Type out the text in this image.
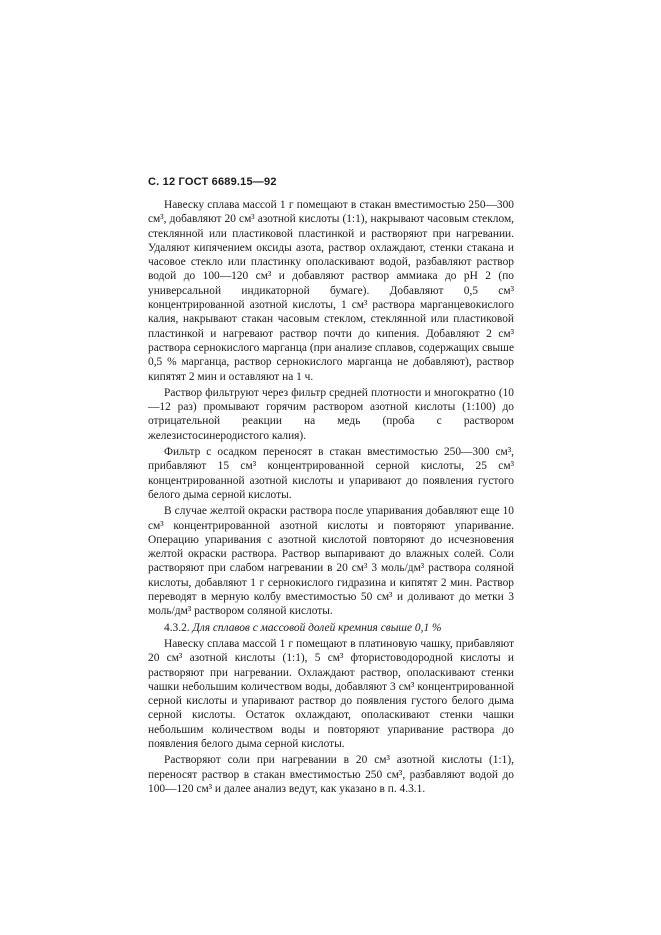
С. 12 ГОСТ 6689.15—92

Навеску сплава массой 1 г помещают в стакан вместимостью 250—300 см³, добавляют 20 см³ азотной кислоты (1:1), накрывают часовым стеклом, стеклянной или пластиковой пластинкой и растворяют при нагревании. Удаляют кипячением оксиды азота, раствор охлаждают, стенки стакана и часовое стекло или пластинку ополаскивают водой, разбавляют раствор водой до 100—120 см³ и добавляют раствор аммиака до рН 2 (по универсальной индикаторной бумаге). Добавляют 0,5 см³ концентрированной азотной кислоты, 1 см³ раствора марганцевокислого калия, накрывают стакан часовым стеклом, стеклянной или пластиковой пластинкой и нагревают раствор почти до кипения. Добавляют 2 см³ раствора сернокислого марганца (при анализе сплавов, содержащих свыше 0,5 % марганца, раствор сернокислого марганца не добавляют), раствор кипятят 2 мин и оставляют на 1 ч.

Раствор фильтруют через фильтр средней плотности и многократно (10—12 раз) промывают горячим раствором азотной кислоты (1:100) до отрицательной реакции на медь (проба с раствором железистосинеродистого калия).

Фильтр с осадком переносят в стакан вместимостью 250—300 см³, прибавляют 15 см³ концентрированной серной кислоты, 25 см³ концентрированной азотной кислоты и упаривают до появления густого белого дыма серной кислоты.

В случае желтой окраски раствора после упаривания добавляют еще 10 см³ концентрированной азотной кислоты и повторяют упаривание. Операцию упаривания с азотной кислотой повторяют до исчезновения желтой окраски раствора. Раствор выпаривают до влажных солей. Соли растворяют при слабом нагревании в 20 см³ 3 моль/дм³ раствора соляной кислоты, добавляют 1 г сернокислого гидразина и кипятят 2 мин. Раствор переводят в мерную колбу вместимостью 50 см³ и доливают до метки 3 моль/дм³ раствором соляной кислоты.

4.3.2. Для сплавов с массовой долей кремния свыше 0,1 %

Навеску сплава массой 1 г помещают в платиновую чашку, прибавляют 20 см³ азотной кислоты (1:1), 5 см³ фтористоводородной кислоты и растворяют при нагревании. Охлаждают раствор, ополаскивают стенки чашки небольшим количеством воды, добавляют 3 см³ концентрированной серной кислоты и упаривают раствор до появления густого белого дыма серной кислоты. Остаток охлаждают, ополаскивают стенки чашки небольшим количеством воды и повторяют упаривание раствора до появления белого дыма серной кислоты.

Растворяют соли при нагревании в 20 см³ азотной кислоты (1:1), переносят раствор в стакан вместимостью 250 см³, разбавляют водой до 100—120 см³ и далее анализ ведут, как указано в п. 4.3.1.
